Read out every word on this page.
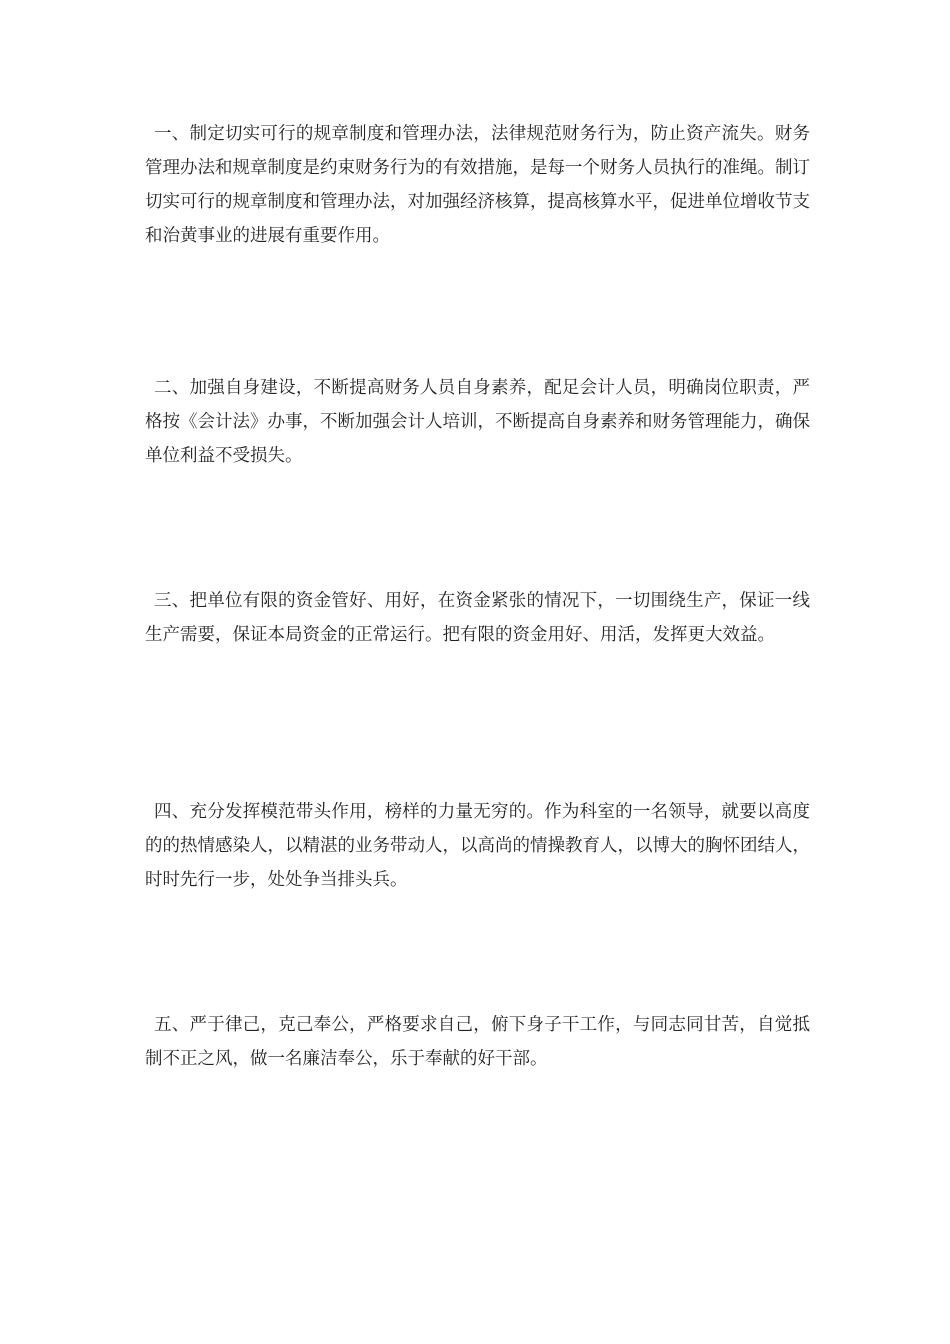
一、制定切实可行的规章制度和管理办法，法律规范财务行为，防止资产流失。财务管理办法和规章制度是约束财务行为的有效措施，是每一个财务人员执行的准绳。制订切实可行的规章制度和管理办法，对加强经济核算，提高核算水平，促进单位增收节支和治黄事业的进展有重要作用。

二、加强自身建设，不断提高财务人员自身素养，配足会计人员，明确岗位职责，严格按《会计法》办事，不断加强会计人培训，不断提高自身素养和财务管理能力，确保单位利益不受损失。

三、把单位有限的资金管好、用好，在资金紧张的情况下，一切围绕生产，保证一线生产需要，保证本局资金的正常运行。把有限的资金用好、用活，发挥更大效益。

四、充分发挥模范带头作用，榜样的力量无穷的。作为科室的一名领导，就要以高度的的热情感染人，以精湛的业务带动人，以高尚的情操教育人，以博大的胸怀团结人，时时先行一步，处处争当排头兵。

五、严于律己，克己奉公，严格要求自己，俯下身子干工作，与同志同甘苦，自觉抵制不正之风，做一名廉洁奉公，乐于奉献的好干部。
